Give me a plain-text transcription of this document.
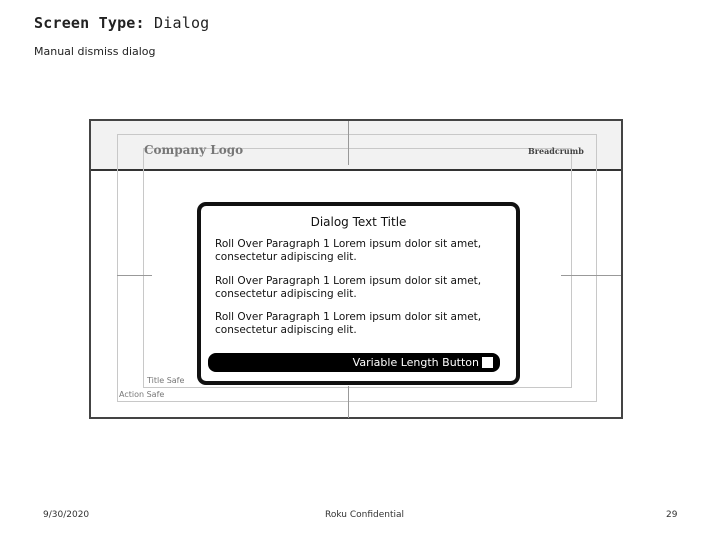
Screen Type: Dialog
Manual dismiss dialog
Company Logo	Breadcrumb
Title Safe
Action Safe
Dialog Text Title
Roll Over Paragraph 1 Lorem ipsum dolor sit amet,
consectetur adipiscing elit.
Roll Over Paragraph 1 Lorem ipsum dolor sit amet,
consectetur adipiscing elit.
Roll Over Paragraph 1 Lorem ipsum dolor sit amet,
consectetur adipiscing elit.
Variable Length Button
9/30/2020	Roku Confidential	29
